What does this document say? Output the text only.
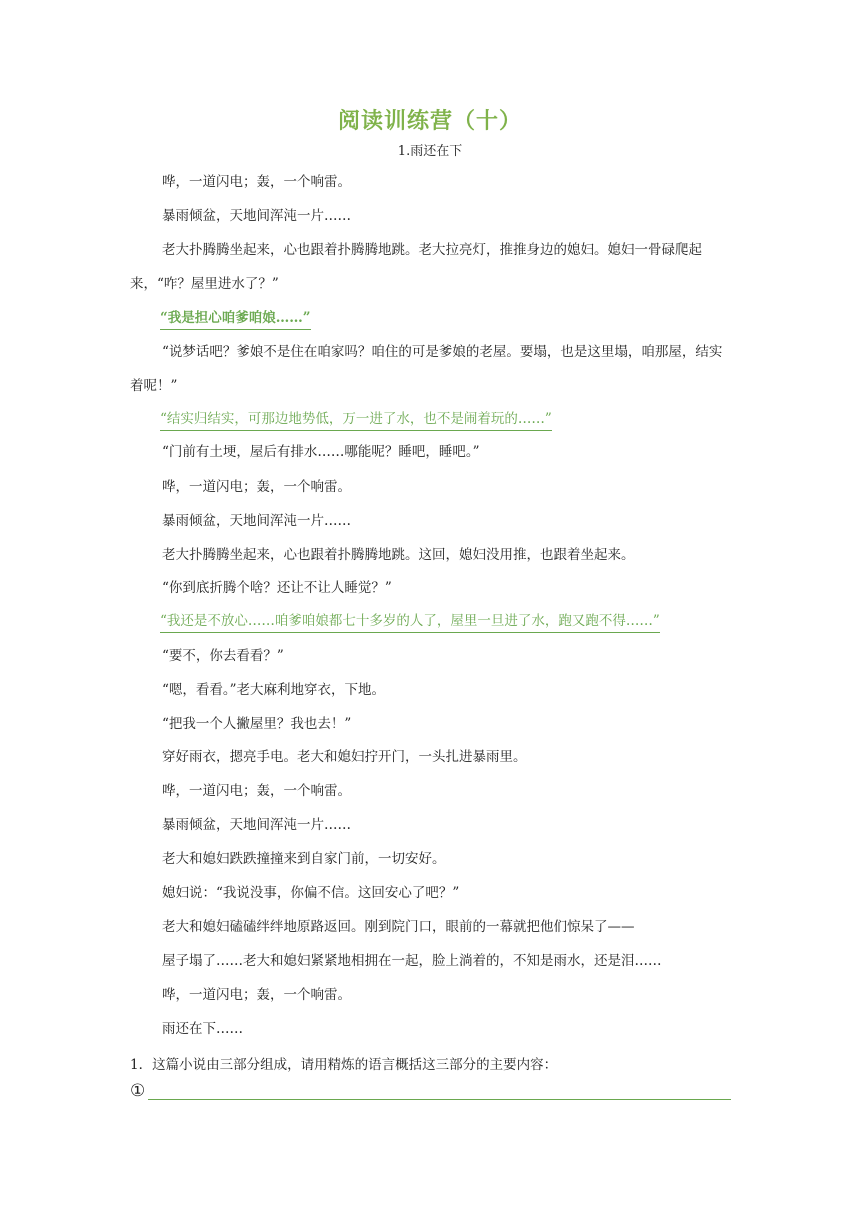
阅读训练营（十）
1.雨还在下
哗，一道闪电；轰，一个响雷。
暴雨倾盆，天地间浑沌一片……
老大扑腾腾坐起来，心也跟着扑腾腾地跳。老大拉亮灯，推推身边的媳妇。媳妇一骨碌爬起来，“咋？屋里进水了？”
“我是担心咱爹咱娘……”
“说梦话吧？爹娘不是住在咱家吗？咱住的可是爹娘的老屋。要塌，也是这里塌，咱那屋，结实着呢！”
“结实归结实，可那边地势低，万一进了水，也不是闹着玩的……”
“门前有土埂，屋后有排水……哪能呢？睡吧，睡吧。”
哗，一道闪电；轰，一个响雷。
暴雨倾盆，天地间浑沌一片……
老大扑腾腾坐起来，心也跟着扑腾腾地跳。这回，媳妇没用推，也跟着坐起来。
“你到底折腾个啥？还让不让人睡觉？”
“我还是不放心……咱爹咱娘都七十多岁的人了，屋里一旦进了水，跑又跑不得……”
“要不，你去看看？”
“嗯，看看。”老大麻利地穿衣，下地。
“把我一个人撇屋里？我也去！”
穿好雨衣，摁亮手电。老大和媳妇拧开门，一头扎进暴雨里。
哗，一道闪电；轰，一个响雷。
暴雨倾盆，天地间浑沌一片……
老大和媳妇跌跌撞撞来到自家门前，一切安好。
媳妇说：“我说没事，你偏不信。这回安心了吧？”
老大和媳妇磕磕绊绊地原路返回。刚到院门口，眼前的一幕就把他们惊呆了——
屋子塌了……老大和媳妇紧紧地相拥在一起，脸上淌着的，不知是雨水，还是泪……
哗，一道闪电；轰，一个响雷。
雨还在下……
1．这篇小说由三部分组成，请用精炼的语言概括这三部分的主要内容：
①
